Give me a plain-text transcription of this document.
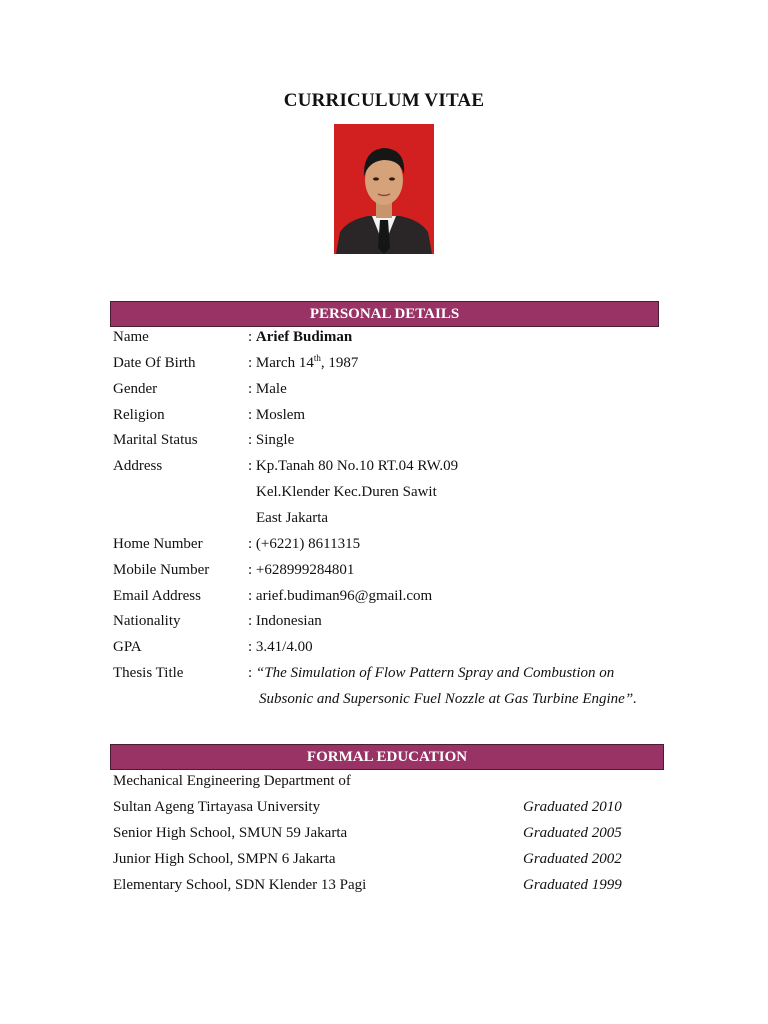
CURRICULUM VITAE
PERSONAL DETAILS
Name	: Arief Budiman
Date Of Birth	: March 14th, 1987
Gender	: Male
Religion	: Moslem
Marital Status	: Single
Address	: Kp.Tanah 80 No.10 RT.04 RW.09
Kel.Klender Kec.Duren Sawit
East Jakarta
Home Number	: (+6221) 8611315
Mobile Number	: +628999284801
Email Address	: arief.budiman96@gmail.com
Nationality	: Indonesian
GPA	: 3.41/4.00
Thesis Title	: “The Simulation of Flow Pattern Spray and Combustion on
Subsonic and Supersonic Fuel Nozzle at Gas Turbine Engine”.
FORMAL EDUCATION
Mechanical Engineering Department of
Sultan Ageng Tirtayasa University	Graduated 2010
Senior High School, SMUN 59 Jakarta	Graduated 2005
Junior High School, SMPN 6 Jakarta	Graduated 2002
Elementary School, SDN Klender 13 Pagi	Graduated 1999
